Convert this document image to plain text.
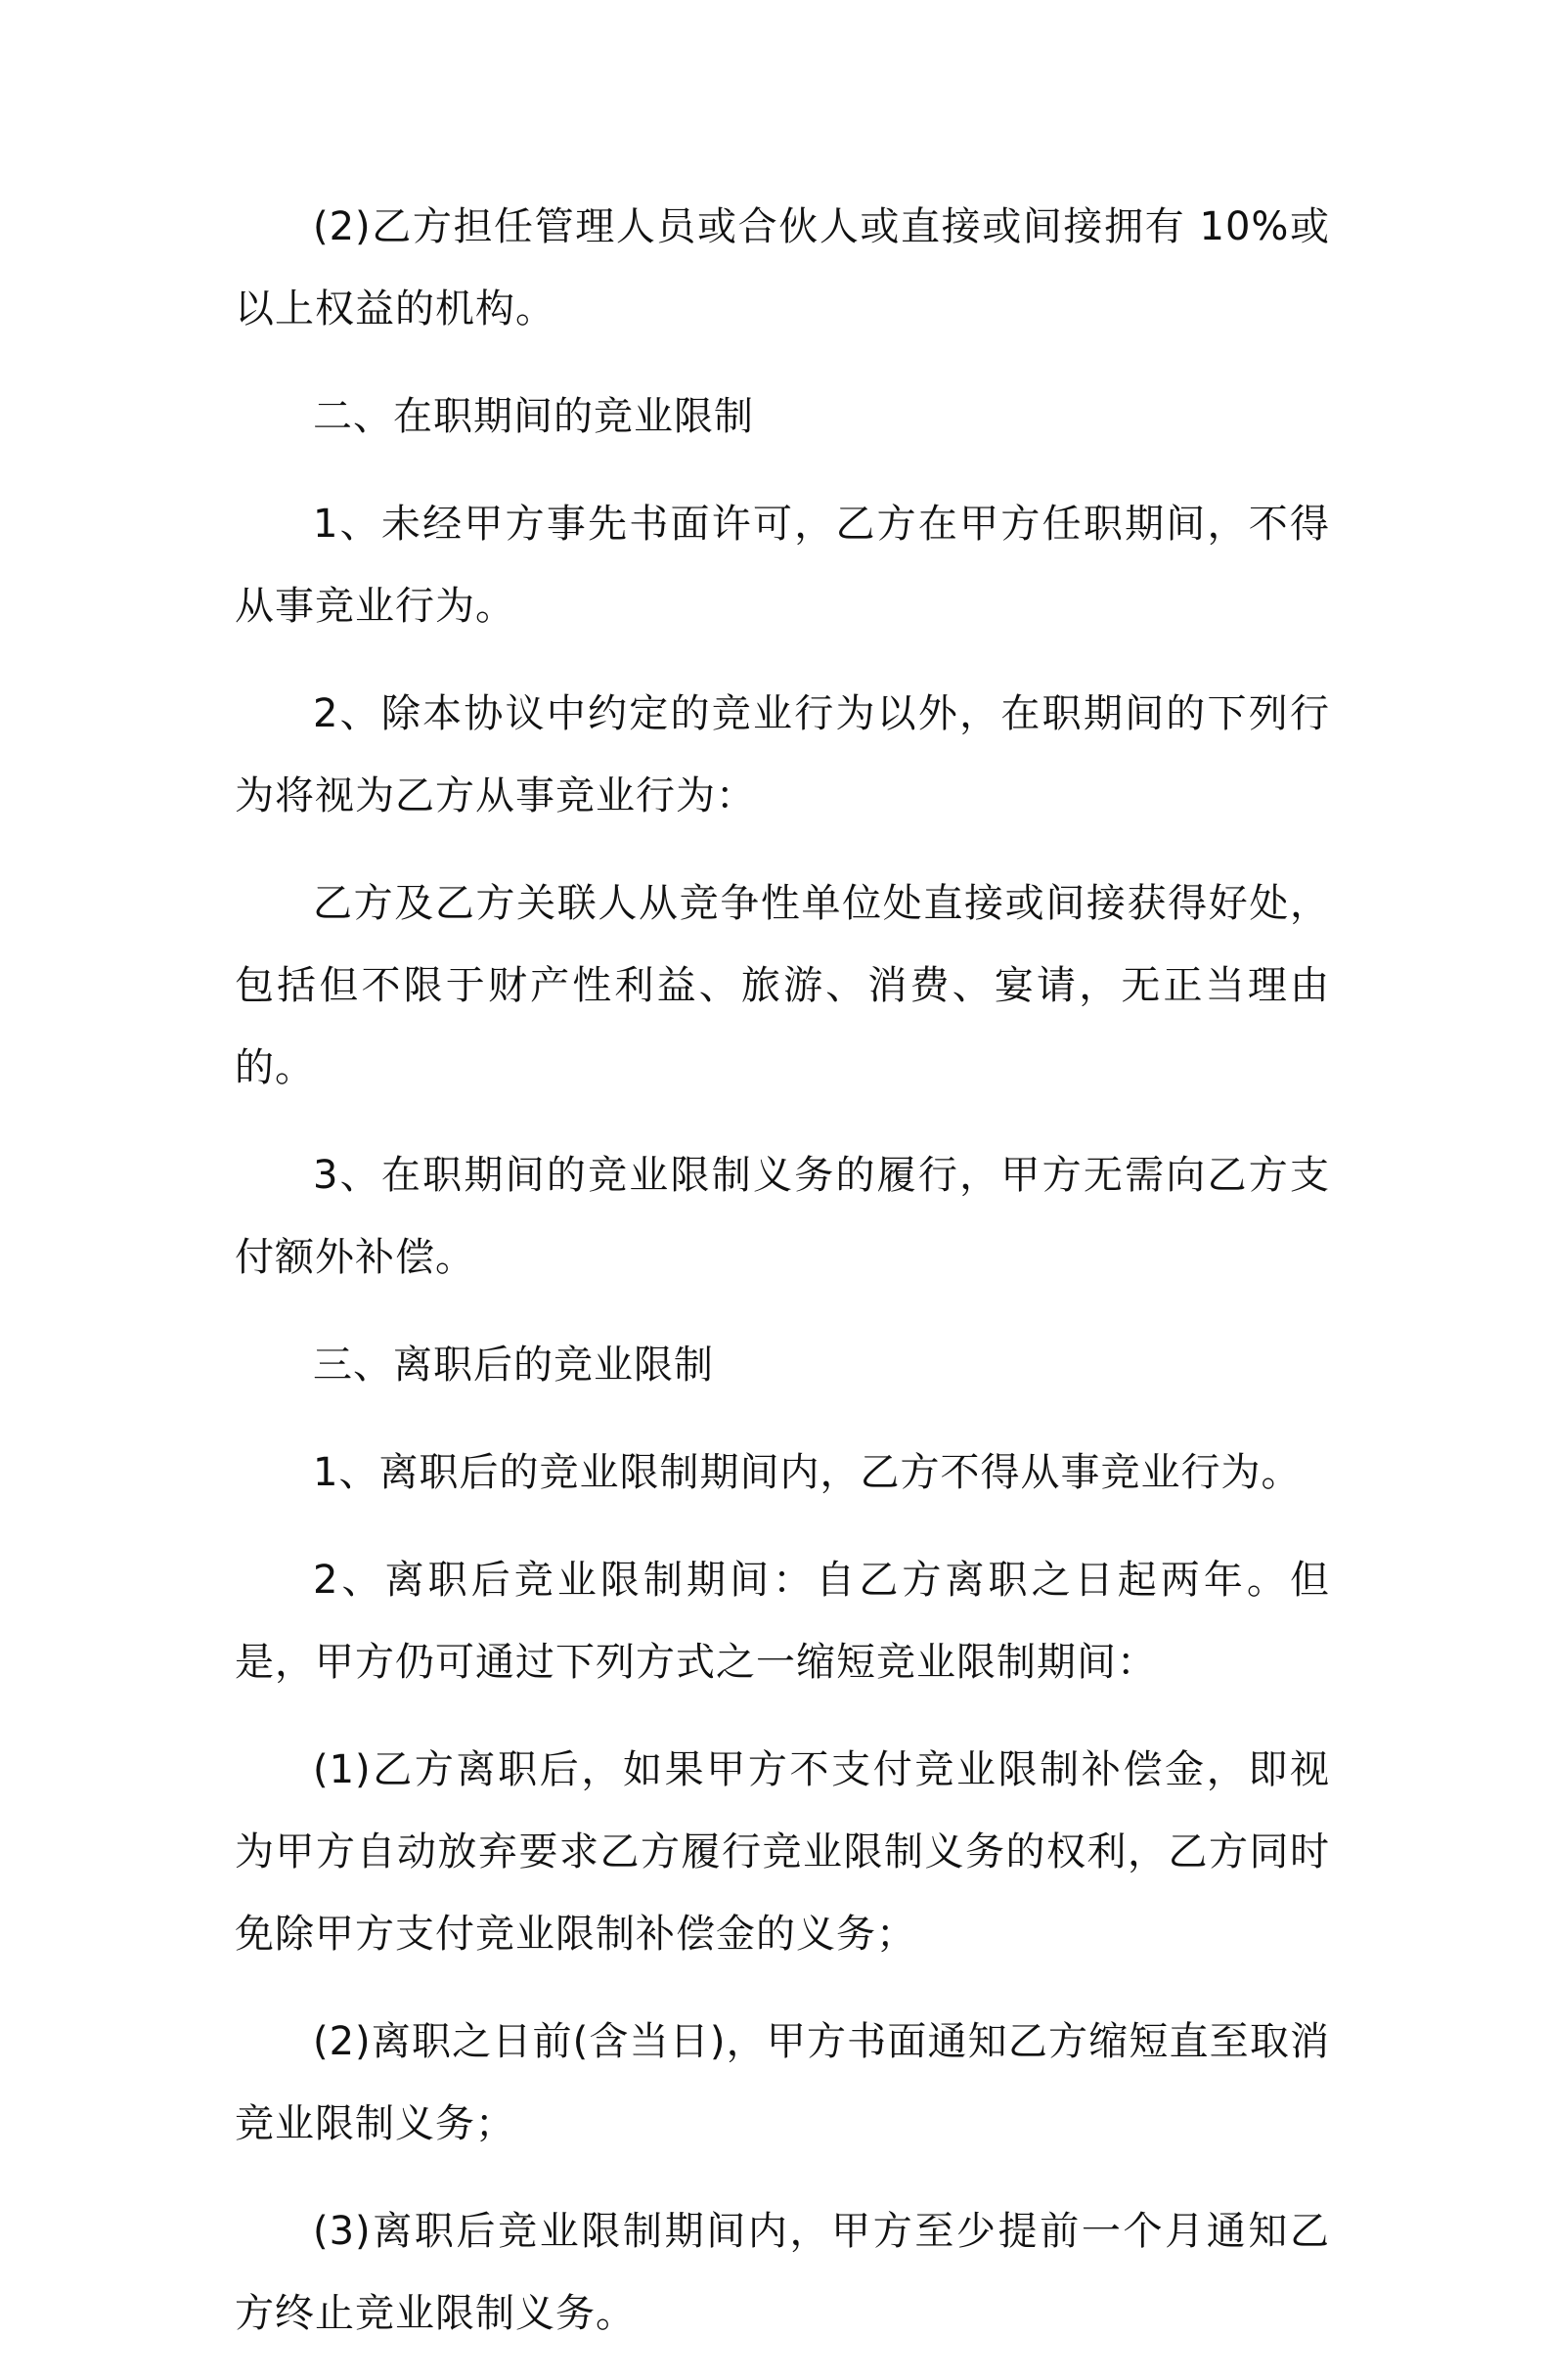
(2)乙方担任管理人员或合伙人或直接或间接拥有 10%或以上权益的机构。

二、在职期间的竞业限制

1、未经甲方事先书面许可，乙方在甲方任职期间，不得从事竞业行为。

2、除本协议中约定的竞业行为以外，在职期间的下列行为将视为乙方从事竞业行为：

乙方及乙方关联人从竞争性单位处直接或间接获得好处，包括但不限于财产性利益、旅游、消费、宴请，无正当理由的。

3、在职期间的竞业限制义务的履行，甲方无需向乙方支付额外补偿。

三、离职后的竞业限制

1、离职后的竞业限制期间内，乙方不得从事竞业行为。

2、离职后竞业限制期间：自乙方离职之日起两年。但是，甲方仍可通过下列方式之一缩短竞业限制期间：

(1)乙方离职后，如果甲方不支付竞业限制补偿金，即视为甲方自动放弃要求乙方履行竞业限制义务的权利，乙方同时免除甲方支付竞业限制补偿金的义务；

(2)离职之日前(含当日)，甲方书面通知乙方缩短直至取消竞业限制义务；

(3)离职后竞业限制期间内，甲方至少提前一个月通知乙方终止竞业限制义务。
